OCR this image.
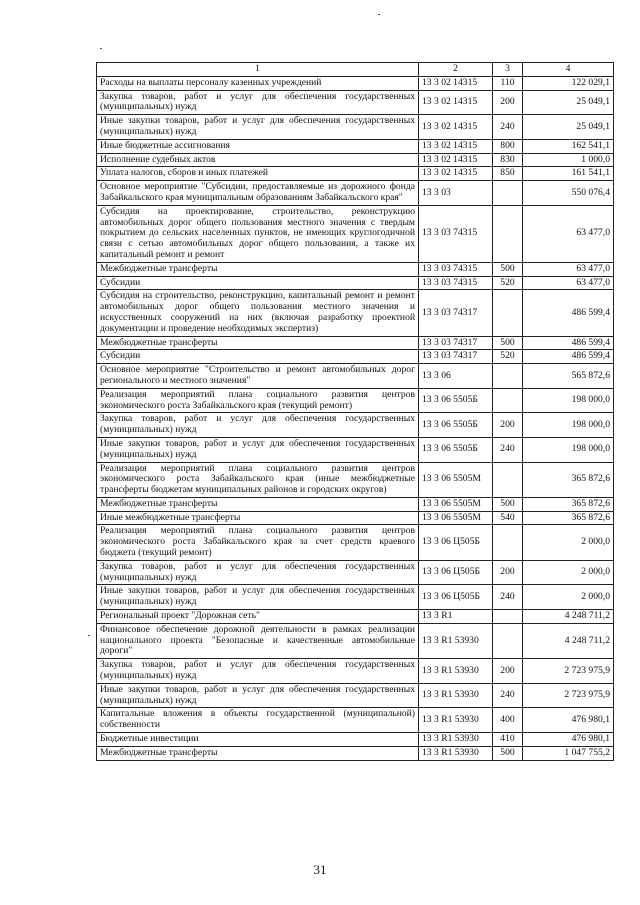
1	2	3	4
Расходы на выплаты персоналу казенных учреждений	13 3 02 14315	110	122 029,1
Закупка товаров, работ и услуг для обеспечения государственных (муниципальных) нужд	13 3 02 14315	200	25 049,1
Иные закупки товаров, работ и услуг для обеспечения государственных (муниципальных) нужд	13 3 02 14315	240	25 049,1
Иные бюджетные ассигнования	13 3 02 14315	800	162 541,1
Исполнение судебных актов	13 3 02 14315	830	1 000,0
Уплата налогов, сборов и иных платежей	13 3 02 14315	850	161 541,1
Основное мероприятие "Субсидии, предоставляемые из дорожного фонда Забайкальского края муниципальным образованиям Забайкальского края"	13 3 03		550 076,4
Субсидия на проектирование, строительство, реконструкцию автомобильных дорог общего пользования местного значения с твердым покрытием до сельских населенных пунктов, не имеющих круглогодичной связи с сетью автомобильных дорог общего пользования, а также их капитальный ремонт и ремонт	13 3 03 74315		63 477,0
Межбюджетные трансферты	13 3 03 74315	500	63 477,0
Субсидии	13 3 03 74315	520	63 477,0
Субсидия на строительство, реконструкцию, капитальный ремонт и ремонт автомобильных дорог общего пользования местного значения и искусственных сооружений на них (включая разработку проектной документации и проведение необходимых экспертиз)	13 3 03 74317		486 599,4
Межбюджетные трансферты	13 3 03 74317	500	486 599,4
Субсидии	13 3 03 74317	520	486 599,4
Основное мероприятие "Строительство и ремонт автомобильных дорог регионального и местного значения"	13 3 06		565 872,6
Реализация мероприятий плана социального развития центров экономического роста Забайкальского края (текущий ремонт)	13 3 06 5505Б		198 000,0
Закупка товаров, работ и услуг для обеспечения государственных (муниципальных) нужд	13 3 06 5505Б	200	198 000,0
Иные закупки товаров, работ и услуг для обеспечения государственных (муниципальных) нужд	13 3 06 5505Б	240	198 000,0
Реализация мероприятий плана социального развития центров экономического роста Забайкальского края (иные межбюджетные трансферты бюджетам муниципальных районов и городских округов)	13 3 06 5505М		365 872,6
Межбюджетные трансферты	13 3 06 5505М	500	365 872,6
Иные межбюджетные трансферты	13 3 06 5505М	540	365 872,6
Реализация мероприятий плана социального развития центров экономического роста Забайкальского края за счет средств краевого бюджета (текущий ремонт)	13 3 06 Ц505Б		2 000,0
Закупка товаров, работ и услуг для обеспечения государственных (муниципальных) нужд	13 3 06 Ц505Б	200	2 000,0
Иные закупки товаров, работ и услуг для обеспечения государственных (муниципальных) нужд	13 3 06 Ц505Б	240	2 000,0
Региональный проект "Дорожная сеть"	13 3 R1		4 248 711,2
Финансовое обеспечение дорожной деятельности в рамках реализации национального проекта "Безопасные и качественные автомобильные дороги"	13 3 R1 53930		4 248 711,2
Закупка товаров, работ и услуг для обеспечения государственных (муниципальных) нужд	13 3 R1 53930	200	2 723 975,9
Иные закупки товаров, работ и услуг для обеспечения государственных (муниципальных) нужд	13 3 R1 53930	240	2 723 975,9
Капитальные вложения в объекты государственной (муниципальной) собственности	13 3 R1 53930	400	476 980,1
Бюджетные инвестиции	13 3 R1 53930	410	476 980,1
Межбюджетные трансферты	13 3 R1 53930	500	1 047 755,2
31
